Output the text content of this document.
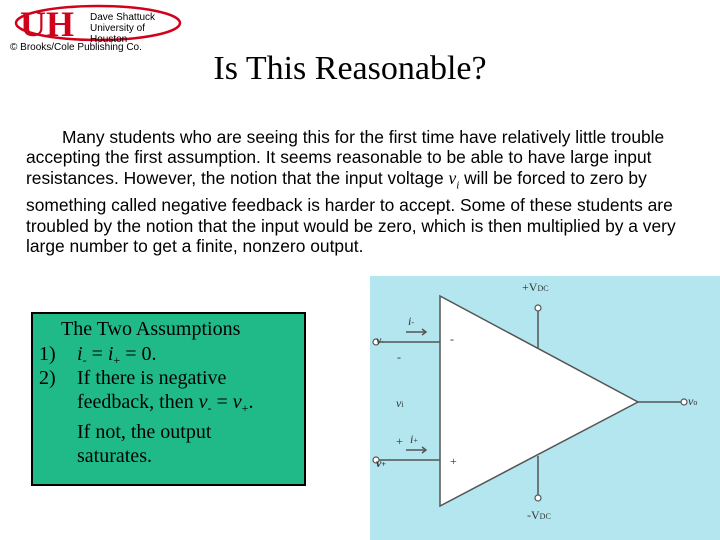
UH Dave Shattuck
University of Houston
© Brooks/Cole Publishing Co.
Is This Reasonable?

Many students who are seeing this for the first time have relatively little trouble accepting the first assumption. It seems reasonable to be able to have large input resistances. However, the notion that the input voltage $v_i$ will be forced to zero by something called negative feedback is harder to accept. Some of these students are troubled by the notion that the input would be zero, which is then multiplied by a very large number to get a finite, nonzero output.

The Two Assumptions
1) $i_- = i_+ = 0$.
2) If there is negative
feedback, then $v_- = v_+$.
If not, the output
saturates.
+VDC
-VDC
i-
i+
v-
v+
vi	vo
-
+
-
+
